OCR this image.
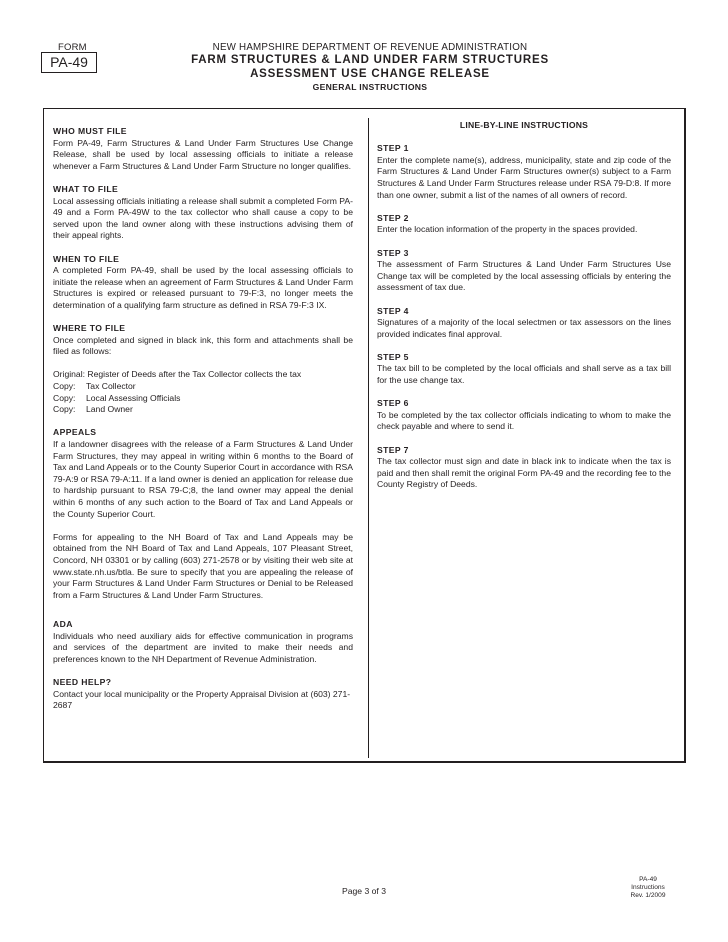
FORM
PA-49
NEW HAMPSHIRE DEPARTMENT OF REVENUE ADMINISTRATION
FARM STRUCTURES & LAND UNDER FARM STRUCTURES
ASSESSMENT USE CHANGE RELEASE
GENERAL INSTRUCTIONS
WHO MUST FILE
Form PA-49, Farm Structures & Land Under Farm Structures Use Change Release, shall be used by local assessing officials to initiate a release whenever a Farm Structures & Land Under Farm Structure no longer qualifies.
WHAT TO FILE
Local assessing officials initiating a release shall submit a completed Form PA-49 and a Form PA-49W to the tax collector who shall cause a copy to be served upon the land owner along with these instructions advising them of their appeal rights.
WHEN TO FILE
A completed Form PA-49, shall be used by the local assessing officials to initiate the release when an agreement of Farm Structures & Land Under Farm Structures is expired or released pursuant to 79-F:3, no longer meets the determination of a qualifying farm structure as defined in RSA 79-F:3 IX.
WHERE TO FILE
Once completed and signed in black ink, this form and attachments shall be filed as follows:
Original: Register of Deeds after the Tax Collector collects the tax
Copy: Tax Collector
Copy: Local Assessing Officials
Copy: Land Owner
APPEALS
If a landowner disagrees with the release of a Farm Structures & Land Under Farm Structures, they may appeal in writing within 6 months to the Board of Tax and Land Appeals or to the County Superior Court in accordance with RSA 79-A:9 or RSA 79-A:11. If a land owner is denied an application for release due to hardship pursuant to RSA 79-C;8, the land owner may appeal the denial within 6 months of any such action to the Board of Tax and Land Appeals or the County Superior Court.
Forms for appealing to the NH Board of Tax and Land Appeals may be obtained from the NH Board of Tax and Land Appeals, 107 Pleasant Street, Concord, NH 03301 or by calling (603) 271-2578 or by visiting their web site at www.state.nh.us/btla. Be sure to specify that you are appealing the release of your Farm Structures & Land Under Farm Structures or Denial to be Released from a Farm Structures & Land Under Farm Structures.
ADA
Individuals who need auxiliary aids for effective communication in programs and services of the department are invited to make their needs and preferences known to the NH Department of Revenue Administration.
NEED HELP?
Contact your local municipality or the Property Appraisal Division at (603) 271-2687
LINE-BY-LINE INSTRUCTIONS
STEP 1
Enter the complete name(s), address, municipality, state and zip code of the Farm Structures & Land Under Farm Structures owner(s) subject to a Farm Structures & Land Under Farm Structures release under RSA 79-D:8. If more than one owner, submit a list of the names of all owners of record.
STEP 2
Enter the location information of the property in the spaces provided.
STEP 3
The assessment of Farm Structures & Land Under Farm Structures Use Change tax will be completed by the local assessing officials by entering the assessment of tax due.
STEP 4
Signatures of a majority of the local selectmen or tax assessors on the lines provided indicates final approval.
STEP 5
The tax bill to be completed by the local officials and shall serve as a tax bill for the use change tax.
STEP 6
To be completed by the tax collector officials indicating to whom to make the check payable and where to send it.
STEP 7
The tax collector must sign and date in black ink to indicate when the tax is paid and then shall remit the original Form PA-49 and the recording fee to the County Registry of Deeds.
Page 3 of 3
PA-49
Instructions
Rev. 1/2009
